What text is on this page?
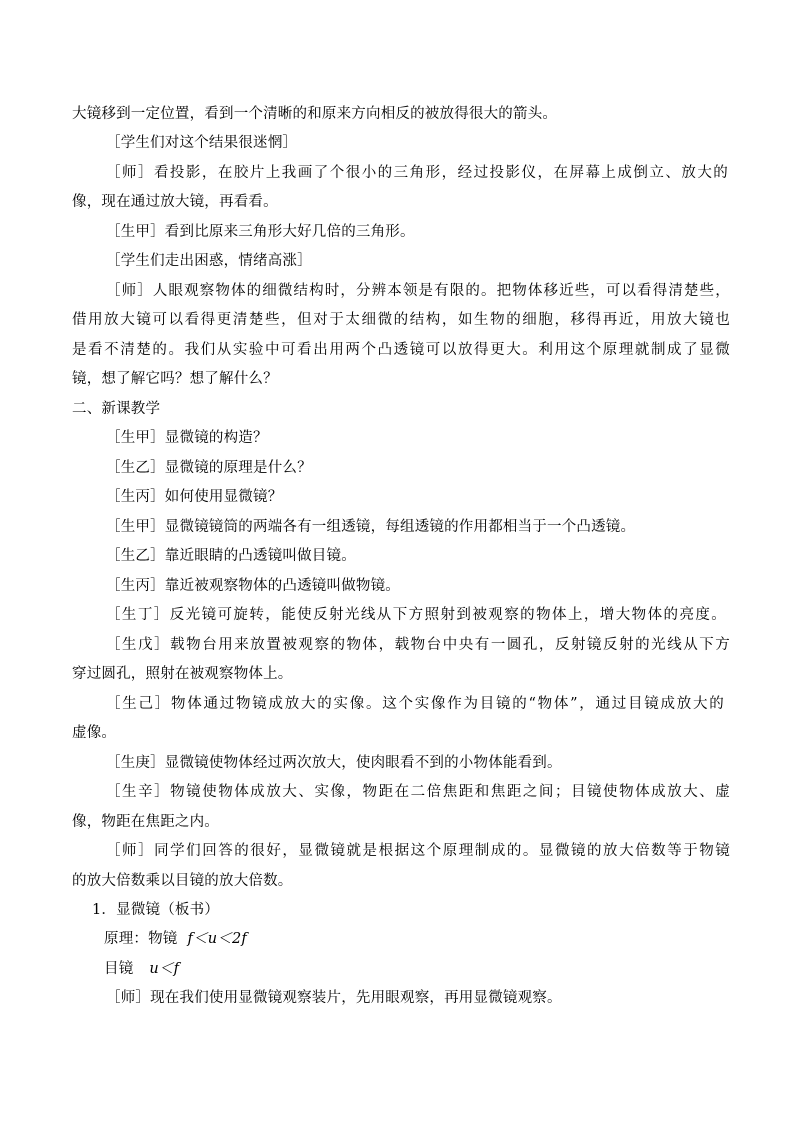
大镜移到一定位置，看到一个清晰的和原来方向相反的被放得很大的箭头。
［学生们对这个结果很迷惘］
［师］看投影，在胶片上我画了个很小的三角形，经过投影仪，在屏幕上成倒立、放大的
像，现在通过放大镜，再看看。
［生甲］看到比原来三角形大好几倍的三角形。
［学生们走出困惑，情绪高涨］
［师］人眼观察物体的细微结构时，分辨本领是有限的。把物体移近些，可以看得清楚些，
借用放大镜可以看得更清楚些，但对于太细微的结构，如生物的细胞，移得再近，用放大镜也
是看不清楚的。我们从实验中可看出用两个凸透镜可以放得更大。利用这个原理就制成了显微
镜，想了解它吗？想了解什么？
二、新课教学
［生甲］显微镜的构造？
［生乙］显微镜的原理是什么？
［生丙］如何使用显微镜？
［生甲］显微镜镜筒的两端各有一组透镜，每组透镜的作用都相当于一个凸透镜。
［生乙］靠近眼睛的凸透镜叫做目镜。
［生丙］靠近被观察物体的凸透镜叫做物镜。
［生丁］反光镜可旋转，能使反射光线从下方照射到被观察的物体上，增大物体的亮度。
［生戊］载物台用来放置被观察的物体，载物台中央有一圆孔，反射镜反射的光线从下方
穿过圆孔，照射在被观察物体上。
［生己］物体通过物镜成放大的实像。这个实像作为目镜的“物体”，通过目镜成放大的
虚像。
［生庚］显微镜使物体经过两次放大，使肉眼看不到的小物体能看到。
［生辛］物镜使物体成放大、实像，物距在二倍焦距和焦距之间；目镜使物体成放大、虚
像，物距在焦距之内。
［师］同学们回答的很好，显微镜就是根据这个原理制成的。显微镜的放大倍数等于物镜
的放大倍数乘以目镜的放大倍数。
1．显微镜（板书）
原理：物镜 f＜u＜2f
目镜 u＜f
［师］现在我们使用显微镜观察装片，先用眼观察，再用显微镜观察。
